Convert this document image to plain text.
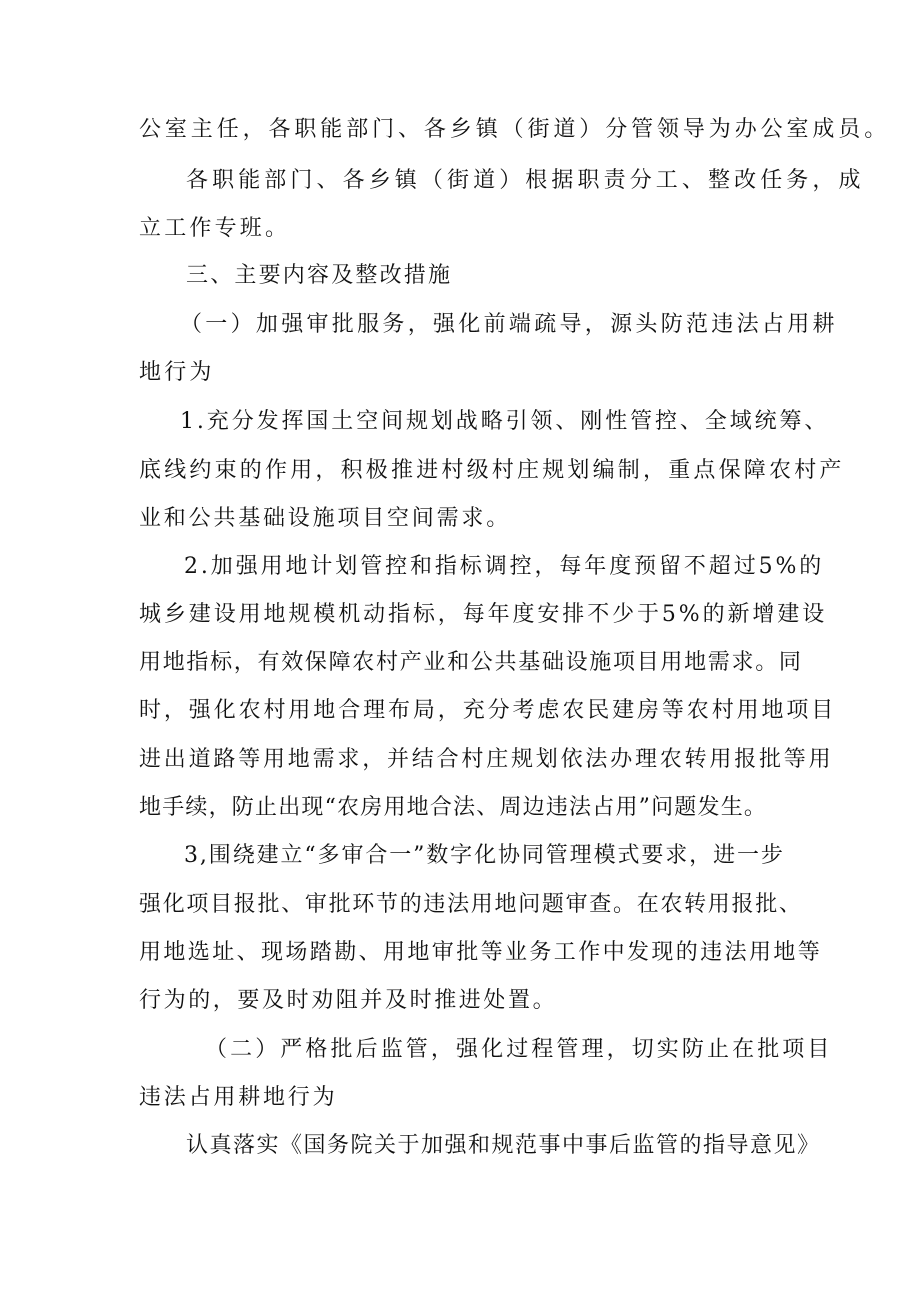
公室主任，各职能部门、各乡镇（街道）分管领导为办公室成员。
各职能部门、各乡镇（街道）根据职责分工、整改任务，成
立工作专班。
三、主要内容及整改措施
（一）加强审批服务，强化前端疏导，源头防范违法占用耕
地行为
1.充分发挥国土空间规划战略引领、刚性管控、全域统筹、
底线约束的作用，积极推进村级村庄规划编制，重点保障农村产
业和公共基础设施项目空间需求。
2.加强用地计划管控和指标调控，每年度预留不超过5%的
城乡建设用地规模机动指标，每年度安排不少于5%的新增建设
用地指标，有效保障农村产业和公共基础设施项目用地需求。同
时，强化农村用地合理布局，充分考虑农民建房等农村用地项目
进出道路等用地需求，并结合村庄规划依法办理农转用报批等用
地手续，防止出现“农房用地合法、周边违法占用”问题发生。
3,围绕建立“多审合一”数字化协同管理模式要求，进一步
强化项目报批、审批环节的违法用地问题审查。在农转用报批、
用地选址、现场踏勘、用地审批等业务工作中发现的违法用地等
行为的，要及时劝阻并及时推进处置。
（二）严格批后监管，强化过程管理，切实防止在批项目
违法占用耕地行为
认真落实《国务院关于加强和规范事中事后监管的指导意见》
